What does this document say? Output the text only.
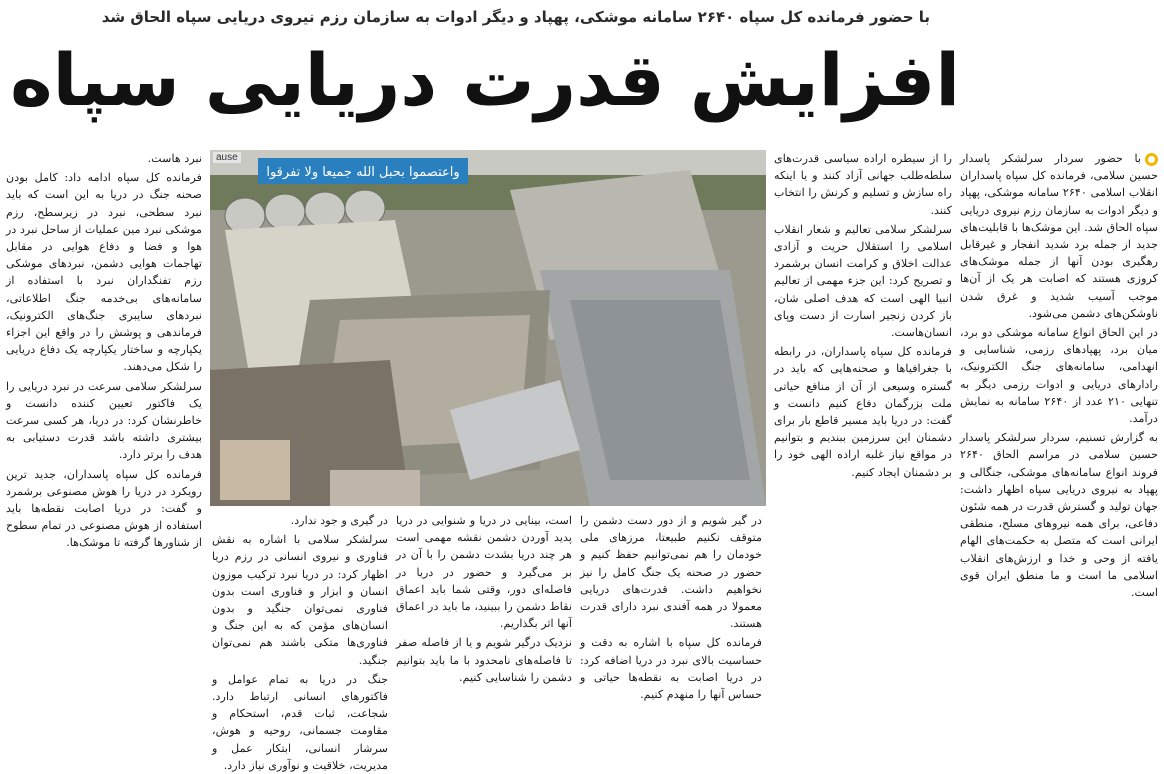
با حضور فرمانده کل سپاه ۲۶۴۰ سامانه موشکی، پهپاد و دیگر ادوات به سازمان رزم نیروی دریایی سپاه الحاق شد
افزایش قدرت دریایی سپاه

با حضور سردار سرلشکر پاسدار حسین سلامی، فرمانده کل سپاه پاسداران انقلاب اسلامی ۲۶۴۰ سامانه موشکی، پهپاد و دیگر ادوات به سازمان رزم نیروی دریایی سپاه الحاق شد. این موشک‌ها با قابلیت‌های جدید از جمله برد شدید انفجار و غیرقابل رهگیری بودن آنها از جمله موشک‌های کروزی هستند که اصابت هر یک از آن‌ها موجب آسیب شدید و غرق شدن ناوشکن‌های دشمن می‌شود.

در این الحاق انواع سامانه موشکی دو برد، میان برد، پهپادهای رزمی، شناسایی و انهدامی، سامانه‌های جنگ الکترونیک، رادارهای دریایی و ادوات رزمی دیگر به تنهایی ۲۱۰ عدد از ۲۶۴۰ سامانه به نمایش درآمد.

به گزارش تسنیم، سردار سرلشکر پاسدار حسین سلامی در مراسم الحاق ۲۶۴۰ فروند انواع سامانه‌های موشکی، جنگالی و پهپاد به نیروی دریایی سپاه اظهار داشت: جهان تولید و گسترش قدرت در همه شئون دفاعی، برای همه نیروهای مسلح، منطقی ایرانی است که متصل به حکمت‌های الهام یافته از وحی و خدا و ارزش‌های انقلاب اسلامی ما است و ما منطق ایران قوی است.

را از سیطره اراده سیاسی قدرت‌های سلطه‌طلب جهانی آزاد کنند و یا اینکه راه سازش و تسلیم و کرنش را انتخاب کنند.

سرلشکر سلامی تعالیم و شعار انقلاب اسلامی را استقلال حریت و آزادی عدالت اخلاق و کرامت انسان برشمرد و تصریح کرد: این جزء مهمی از تعالیم انبیا الهی است که هدف اصلی شان، باز کردن زنجیر اسارت از دست وپای انسان‌هاست.

فرمانده کل سپاه پاسداران، در رابطه با جغرافیاها و صحنه‌هایی که باید در گستره وسیعی از آن از منافع حیاتی ملت بزرگمان دفاع کنیم دانست و گفت: در دریا باید مسیر قاطع بار برای دشمنان این سرزمین ببندیم و بتوانیم در مواقع نیاز غلبه اراده الهی خود را بر دشمنان ایجاد کنیم.

واعتصموا بحبل الله جميعا ولا تفرقوا
ause

نبرد هاست.

فرمانده کل سپاه ادامه داد: کامل بودن صحنه جنگ در دریا به این است که باید نبرد سطحی، نبرد در زیرسطح، رزم موشکی نبرد مین عملیات از ساحل نبرد در هوا و فضا و دفاع هوایی در مقابل تهاجمات هوایی دشمن، نبردهای موشکی رزم تفنگداران نبرد با استفاده از سامانه‌های بی‌خدمه جنگ اطلاعاتی، نبردهای سایبری جنگ‌های الکترونیک، فرماندهی و پوشش را در واقع این اجزاء یکپارچه و ساختار یکپارچه یک دفاع دریایی را شکل می‌دهند.

سرلشکر سلامی سرعت در نبرد دریایی را یک فاکتور تعیین کننده دانست و خاطرنشان کرد: در دریا، هر کسی سرعت بیشتری داشته باشد قدرت دستیابی به هدف را برتر دارد.

فرمانده کل سپاه پاسداران، جدید ترین رویکرد در دریا را هوش مصنوعی برشمرد و گفت: در دریا اصابت نقطه‌ها باید استفاده از هوش مصنوعی در تمام سطوح از شناورها گرفته تا موشک‌ها.

در گیر شویم و از دور دست دشمن را متوقف نکنیم طبیعتا، مرزهای ملی خودمان را هم نمی‌توانیم حفظ کنیم و حضور در صحنه یک جنگ کامل را نیز نخواهیم داشت. قدرت‌های دریایی معمولا در همه آفندی نبرد دارای قدرت هستند.

فرمانده کل سپاه با اشاره به دقت و حساسیت بالای نبرد در دریا اضافه کرد: در دریا اصابت به نقطه‌ها حیاتی و حساس آنها را منهدم کنیم.

است، بینایی در دریا و شنوایی در دریا پدید آوردن دشمن نقشه مهمی است هر چند دریا بشدت دشمن را با آن در بر می‌گیرد و حضور در دریا در فاصله‌ای دور، وقتی شما باید اعماق نقاط دشمن را ببینید، ما باید در اعماق آنها اثر بگذاریم.

نزدیک درگیر شویم و یا از فاصله صفر تا فاصله‌های نامحدود با ما باید بتوانیم دشمن را شناسایی کنیم.

در گیری و جود ندارد.

سرلشکر سلامی با اشاره به نقش فناوری و نیروی انسانی در رزم دریا اظهار کرد: در دریا نبرد ترکیب موزون انسان و ابزار و فناوری است بدون فناوری نمی‌توان جنگید و بدون انسان‌های مؤمن که به این جنگ و فناوری‌ها متکی باشند هم نمی‌توان جنگید.

جنگ در دریا به تمام عوامل و فاکتورهای انسانی ارتباط دارد. شجاعت، ثبات قدم، استحکام و مقاومت جسمانی، روحیه و هوش، سرشار انسانی، ابتکار عمل و مدیریت، خلاقیت و نوآوری نیاز دارد.
